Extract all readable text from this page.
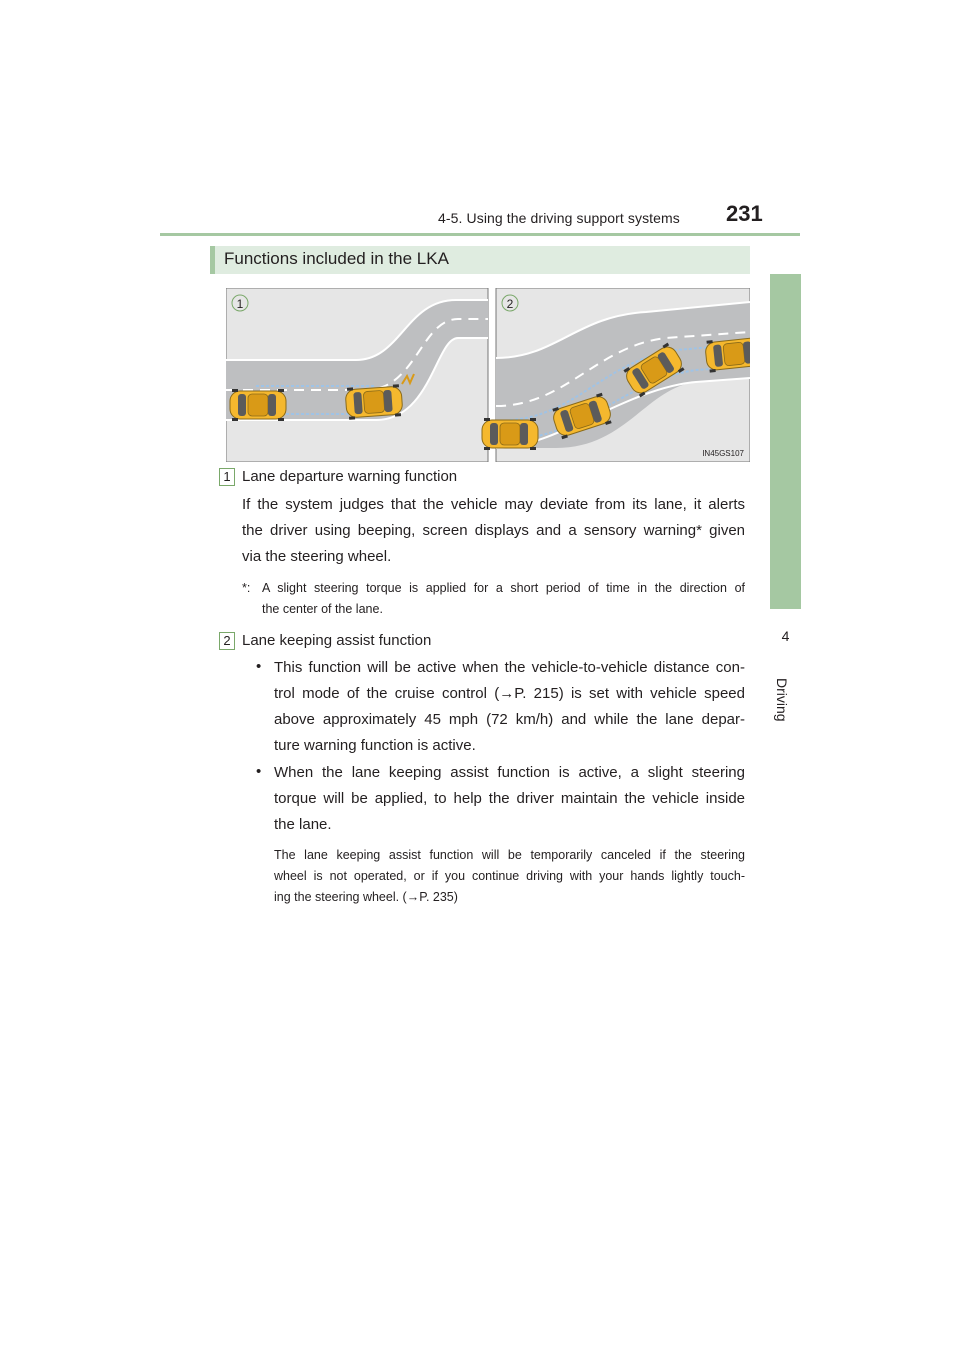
4-5. Using the driving support systems 231
4
Driving
Functions included in the LKA
1	2
IN45GS107
1 Lane departure warning function
If the system judges that the vehicle may deviate from its lane, it alerts
the driver using beeping, screen displays and a sensory warning* given
via the steering wheel.
*: A slight steering torque is applied for a short period of time in the direction of
the center of the lane.
2 Lane keeping assist function
• This function will be active when the vehicle-to-vehicle distance con-
trol mode of the cruise control (→P. 215) is set with vehicle speed
above approximately 45 mph (72 km/h) and while the lane depar-
ture warning function is active.
• When the lane keeping assist function is active, a slight steering
torque will be applied, to help the driver maintain the vehicle inside
the lane.
The lane keeping assist function will be temporarily canceled if the steering
wheel is not operated, or if you continue driving with your hands lightly touch-
ing the steering wheel. (→P. 235)
